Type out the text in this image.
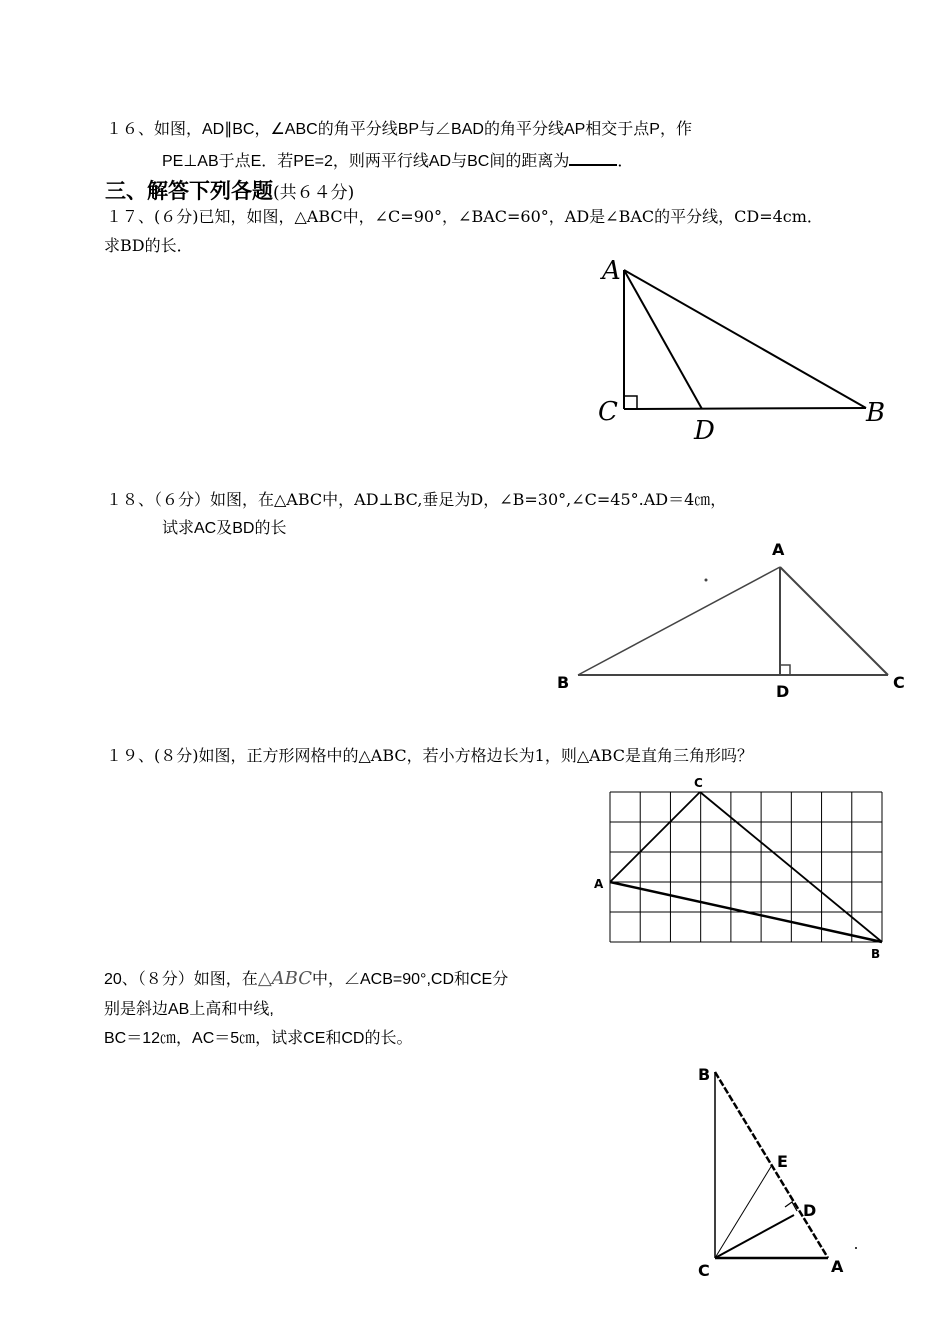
１６、如图，AD∥BC，∠ABC的角平分线BP与∠BAD的角平分线AP相交于点P，作
PE⊥AB于点E．若PE=2，则两平行线AD与BC间的距离为	．
三、解答下列各题(共６４分)
１７、(６分)已知，如图，△ABC中，∠C=90°，∠BAC=60°，AD是∠BAC的平分线，CD=4cm．
求BD的长．
A
C
D
B
１８、（６分）如图，在△ABC中，AD⊥BC,垂足为D，∠B=30°,∠C=45°.AD＝4㎝，
试求AC及BD的长
A
B	D	C
１９、(８分)如图，正方形网格中的△ABC，若小方格边长为1，则△ABC是直角三角形吗？
C
A
B
20、（８分）如图，在△ABC中，∠ACB=90°,CD和CE分
别是斜边AB上高和中线,
BC＝12㎝，AC＝5㎝，试求CE和CD的长。
B
E
D
C	A
